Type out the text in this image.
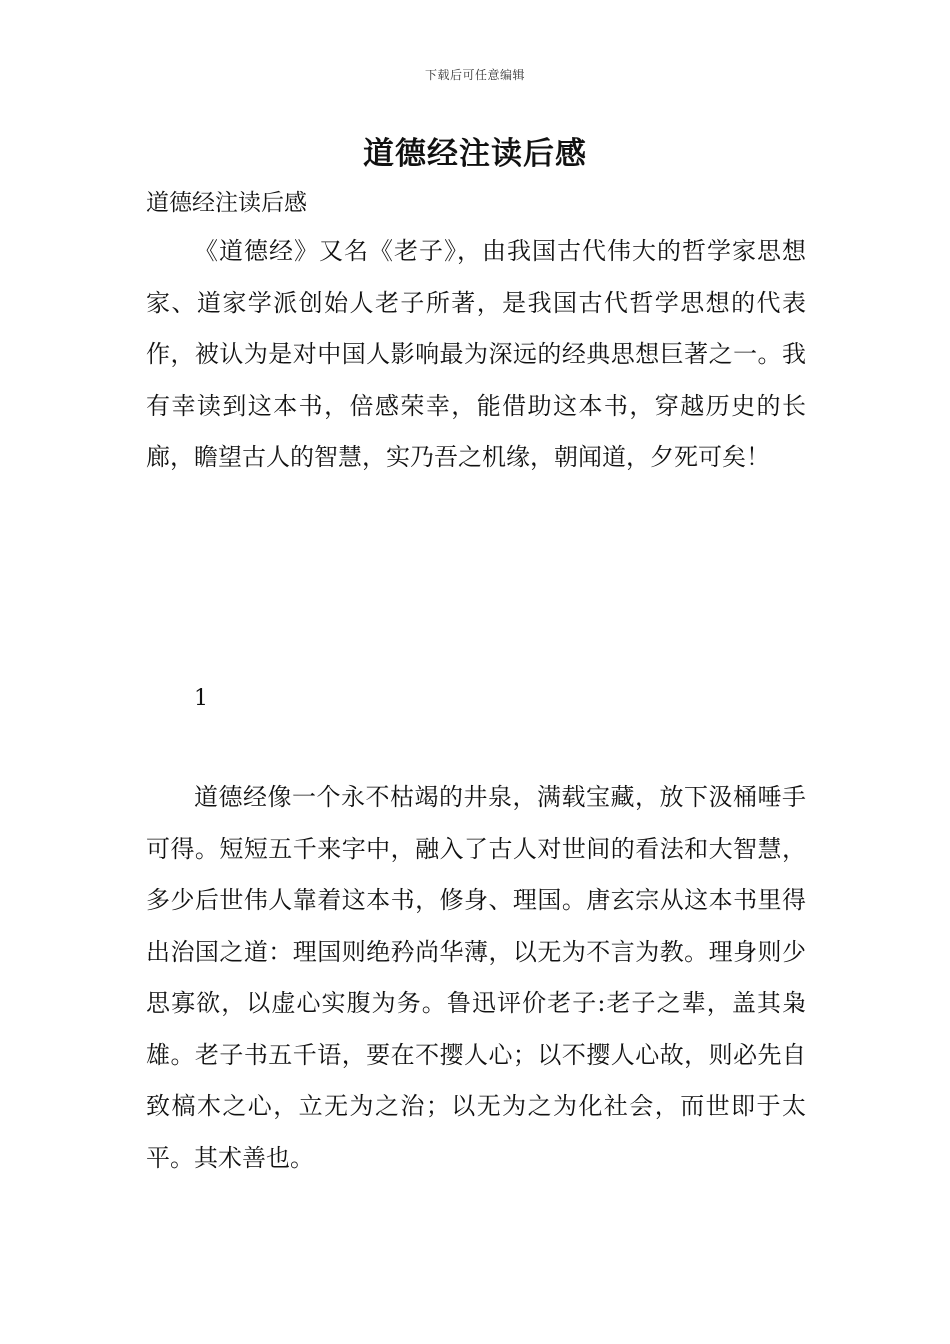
下载后可任意编辑
道德经注读后感
道德经注读后感

《道德经》又名《老子》，由我国古代伟大的哲学家思想家、道家学派创始人老子所著，是我国古代哲学思想的代表作，被认为是对中国人影响最为深远的经典思想巨著之一。我有幸读到这本书，倍感荣幸，能借助这本书，穿越历史的长廊，瞻望古人的智慧，实乃吾之机缘，朝闻道，夕死可矣！

1

道德经像一个永不枯竭的井泉，满载宝藏，放下汲桶唾手可得。短短五千来字中，融入了古人对世间的看法和大智慧，多少后世伟人靠着这本书，修身、理国。唐玄宗从这本书里得出治国之道：理国则绝矜尚华薄，以无为不言为教。理身则少思寡欲，以虚心实腹为务。鲁迅评价老子:老子之辈，盖其枭雄。老子书五千语，要在不撄人心；以不撄人心故，则必先自致槁木之心，立无为之治；以无为之为化社会，而世即于太平。其术善也。
